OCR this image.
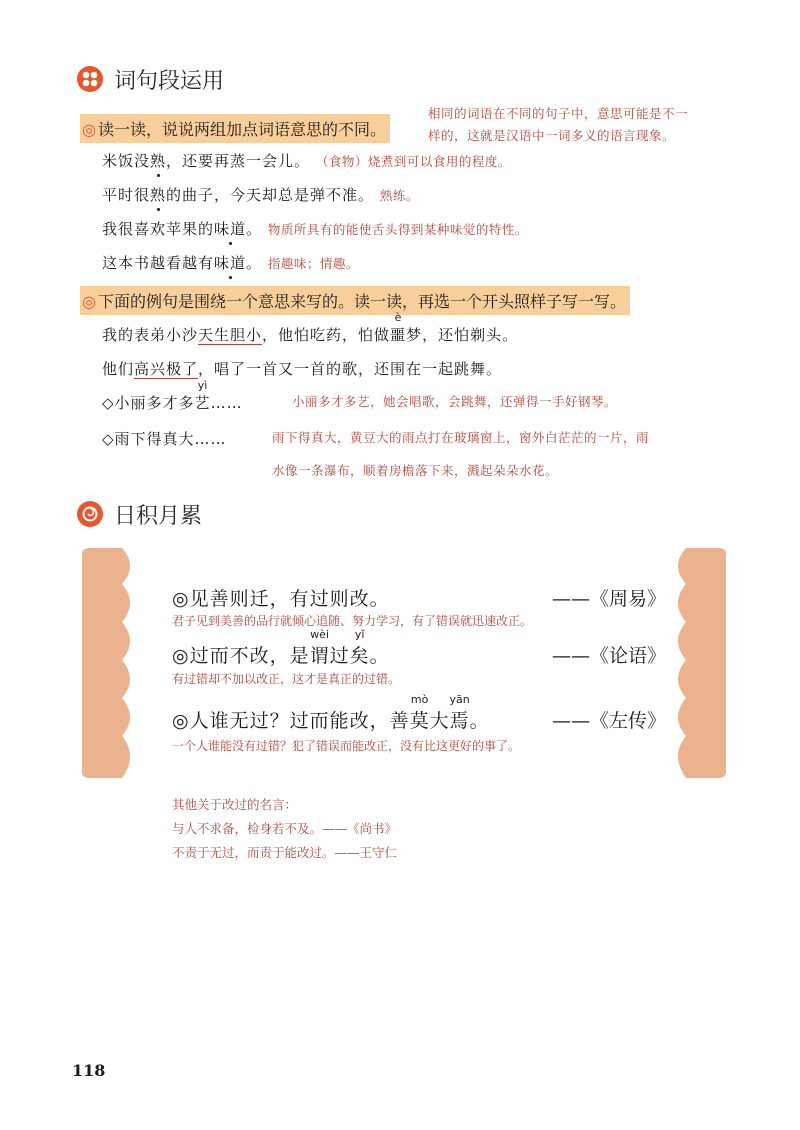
词句段运用
◎ 读一读，说说两组加点词语意思的不同。
相同的词语在不同的句子中，意思可能是不一
样的，这就是汉语中一词多义的语言现象。
米饭没熟，还要再蒸一会儿。 （食物）烧煮到可以食用的程度。
平时很熟的曲子，今天却总是弹不准。 熟练。
我很喜欢苹果的味道。 物质所具有的能使舌头得到某种味觉的特性。
这本书越看越有味道。 指趣味；情趣。
◎ 下面的例句是围绕一个意思来写的。读一读，再选一个开头照样子写一写。
我的表弟小沙天生胆小，他怕吃药，怕做
è
噩梦，还怕剃头。
他们高兴极了，唱了一首又一首的歌，还围在一起跳舞。
◇小丽多才多
yì
艺……	小丽多才多艺，她会唱歌，会跳舞，还弹得一手好钢琴。
◇雨下得真大……	雨下得真大，黄豆大的雨点打在玻璃窗上，窗外白茫茫的一片，雨
水像一条瀑布，顺着房檐落下来，溅起朵朵水花。
日积月累
◎见善则迁，有过则改。	——《周易》
君子见到美善的品行就倾心追随、努力学习，有了错误就迅速改正。
◎过而不改，是
wèi
谓过
yǐ
矣。	——《论语》
有过错却不加以改正，这才是真正的过错。
◎人谁无过？过而能改，善
mò
莫大
yān
焉。	——《左传》
一个人谁能没有过错？犯了错误而能改正，没有比这更好的事了。
其他关于改过的名言：
与人不求备，检身若不及。——《尚书》
不责于无过，而责于能改过。——王守仁
118
